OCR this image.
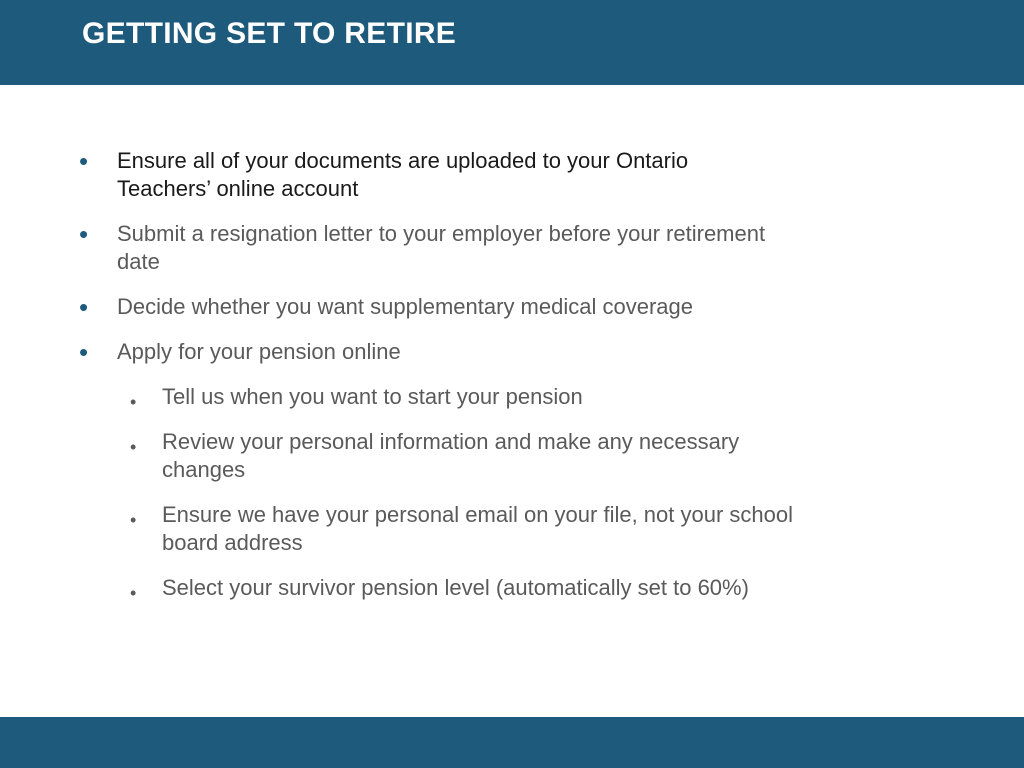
GETTING SET TO RETIRE
• Ensure all of your documents are uploaded to your Ontario Teachers’ online account
• Submit a resignation letter to your employer before your retirement date
• Decide whether you want supplementary medical coverage
• Apply for your pension online
• Tell us when you want to start your pension
• Review your personal information and make any necessary changes
• Ensure we have your personal email on your file, not your school board address
• Select your survivor pension level (automatically set to 60%)
